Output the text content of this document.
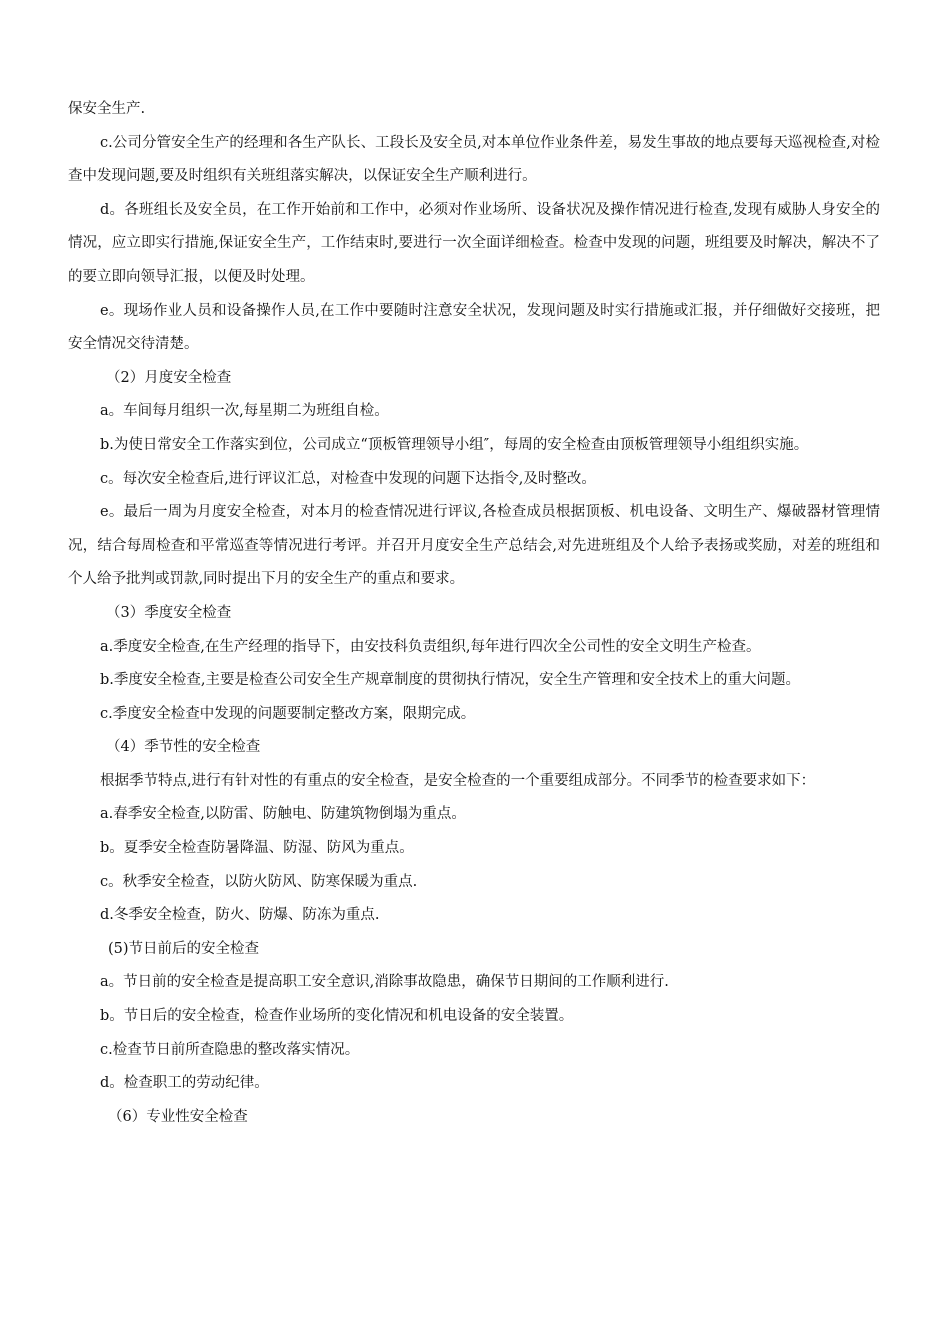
保安全生产.

c.公司分管安全生产的经理和各生产队长、工段长及安全员,对本单位作业条件差，易发生事故的地点要每天巡视检查,对检查中发现问题,要及时组织有关班组落实解决，以保证安全生产顺利进行。

d。各班组长及安全员，在工作开始前和工作中，必须对作业场所、设备状况及操作情况进行检查,发现有威胁人身安全的情况，应立即实行措施,保证安全生产，工作结束时,要进行一次全面详细检查。检查中发现的问题，班组要及时解决，解决不了的要立即向领导汇报，以便及时处理。

e。现场作业人员和设备操作人员,在工作中要随时注意安全状况，发现问题及时实行措施或汇报，并仔细做好交接班，把安全情况交待清楚。

（2）月度安全检查

a。车间每月组织一次,每星期二为班组自检。

b.为使日常安全工作落实到位，公司成立“顶板管理领导小组″，每周的安全检查由顶板管理领导小组组织实施。

c。每次安全检查后,进行评议汇总，对检查中发现的问题下达指令,及时整改。

e。最后一周为月度安全检查，对本月的检查情况进行评议,各检查成员根据顶板、机电设备、文明生产、爆破器材管理情况，结合每周检查和平常巡查等情况进行考评。并召开月度安全生产总结会,对先进班组及个人给予表扬或奖励，对差的班组和个人给予批判或罚款,同时提出下月的安全生产的重点和要求。

（3）季度安全检查

a.季度安全检查,在生产经理的指导下，由安技科负责组织,每年进行四次全公司性的安全文明生产检查。

b.季度安全检查,主要是检查公司安全生产规章制度的贯彻执行情况，安全生产管理和安全技术上的重大问题。

c.季度安全检查中发现的问题要制定整改方案，限期完成。

（4）季节性的安全检查

根据季节特点,进行有针对性的有重点的安全检查，是安全检查的一个重要组成部分。不同季节的检查要求如下：

a.春季安全检查,以防雷、防触电、防建筑物倒塌为重点。

b。夏季安全检查防暑降温、防湿、防风为重点。

c。秋季安全检查，以防火防风、防寒保暖为重点.

d.冬季安全检查，防火、防爆、防冻为重点.

(5)节日前后的安全检查

a。节日前的安全检查是提高职工安全意识,消除事故隐患，确保节日期间的工作顺利进行.

b。节日后的安全检查，检查作业场所的变化情况和机电设备的安全装置。

c.检查节日前所查隐患的整改落实情况。

d。检查职工的劳动纪律。

（6）专业性安全检查
